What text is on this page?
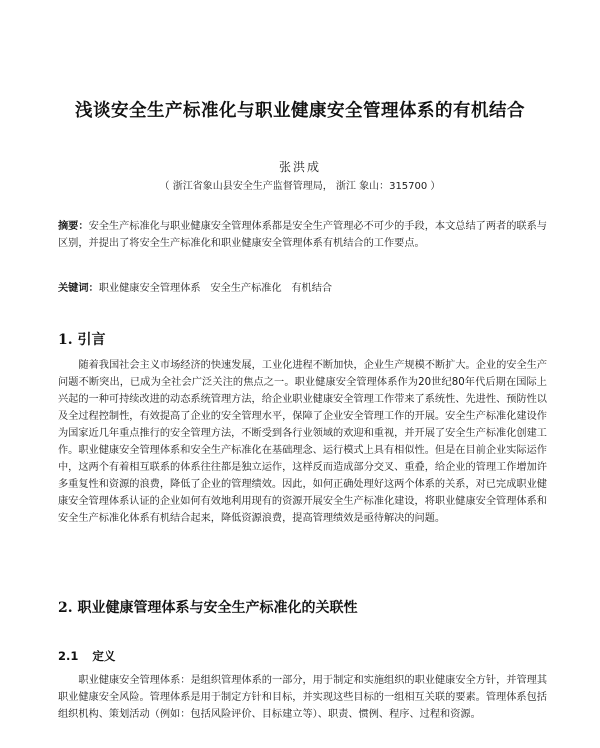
浅谈安全生产标准化与职业健康安全管理体系的有机结合
张洪成
（ 浙江省象山县安全生产监督管理局， 浙江 象山：315700 ）
摘要：安全生产标准化与职业健康安全管理体系都是安全生产管理必不可少的手段，本文总结了两者的联系与区别，并提出了将安全生产标准化和职业健康安全管理体系有机结合的工作要点。
关键词：职业健康安全管理体系   安全生产标准化   有机结合
1. 引言
随着我国社会主义市场经济的快速发展，工业化进程不断加快，企业生产规模不断扩大。企业的安全生产问题不断突出，已成为全社会广泛关注的焦点之一。职业健康安全管理体系作为20世纪80年代后期在国际上兴起的一种可持续改进的动态系统管理方法，给企业职业健康安全管理工作带来了系统性、先进性、预防性以及全过程控制性，有效提高了企业的安全管理水平，保障了企业安全管理工作的开展。安全生产标准化建设作为国家近几年重点推行的安全管理方法，不断受到各行业领域的欢迎和重视，并开展了安全生产标准化创建工作。职业健康安全管理体系和安全生产标准化在基础理念、运行模式上具有相似性。但是在目前企业实际运作中，这两个有着相互联系的体系往往都是独立运作，这样反而造成部分交叉、重叠，给企业的管理工作增加许多重复性和资源的浪费，降低了企业的管理绩效。因此，如何正确处理好这两个体系的关系，对已完成职业健康安全管理体系认证的企业如何有效地利用现有的资源开展安全生产标准化建设，将职业健康安全管理体系和安全生产标准化体系有机结合起来，降低资源浪费，提高管理绩效是亟待解决的问题。
2. 职业健康管理体系与安全生产标准化的关联性
2.1 定义
职业健康安全管理体系：是组织管理体系的一部分，用于制定和实施组织的职业健康安全方针，并管理其职业健康安全风险。管理体系是用于制定方针和目标，并实现这些目标的一组相互关联的要素。管理体系包括组织机构、策划活动（例如：包括风险评价、目标建立等）、职责、惯例、程序、过程和资源。
